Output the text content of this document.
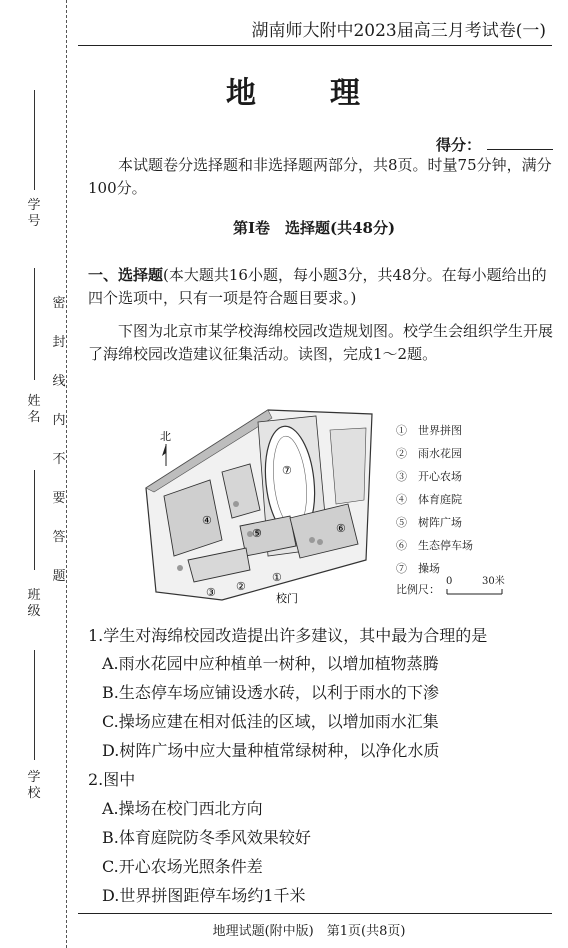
学号
姓名
班级
学校
密封线内不要答题
湖南师大附中2023届高三月考试卷(一)
地　理
得分：

本试题卷分选择题和非选择题两部分，共8页。时量75分钟，满分100分。

第Ⅰ卷　选择题(共48分)

一、选择题(本大题共16小题，每小题3分，共48分。在每小题给出的四个选项中，只有一项是符合题目要求。)

下图为北京市某学校海绵校园改造规划图。校学生会组织学生开展了海绵校园改造建议征集活动。读图，完成1～2题。

北
①
②
③
④
⑤	⑥
⑦
校门
①　 世界拼图
②　 雨水花园
③　 开心农场
④　 体育庭院
⑤　 树阵广场
⑥　 生态停车场
⑦　 操场
比例尺：
0	30米
1.学生对海绵校园改造提出许多建议，其中最为合理的是
A.雨水花园中应种植单一树种，以增加植物蒸腾
B.生态停车场应铺设透水砖，以利于雨水的下渗
C.操场应建在相对低洼的区域，以增加雨水汇集
D.树阵广场中应大量种植常绿树种，以净化水质
2.图中
A.操场在校门西北方向
B.体育庭院防冬季风效果较好
C.开心农场光照条件差
D.世界拼图距停车场约1千米
地理试题(附中版)　第1页(共8页)
